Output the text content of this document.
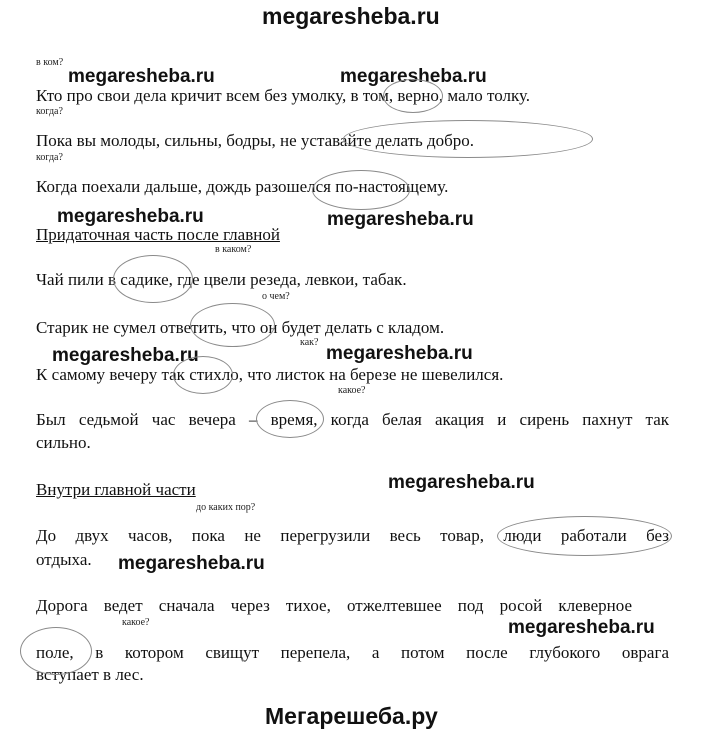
megaresheba.ru
megaresheba.ru	megaresheba.ru
megaresheba.ru	megaresheba.ru
megaresheba.ru	megaresheba.ru
megaresheba.ru
megaresheba.ru
megaresheba.ru
в ком?
Кто про свои дела кричит всем без умолку, в том, верно, мало толку.
когда?
Пока вы молоды, сильны, бодры, не уставайте делать добро.
когда?
Когда поехали дальше, дождь разошелся по-настоящему.
Придаточная часть после главной
в каком?
Чай пили в садике, где цвели резеда, левкои, табак.
о чем?
Старик не сумел ответить, что он будет делать с кладом.
как?
К самому вечеру так стихло, что листок на березе не шевелился.
какое?
Был седьмой час вечера – время, когда белая акация и сирень пахнут так
сильно.
Внутри главной части
до каких пор?
До двух часов, пока не перегрузили весь товар, люди работали без
отдыха.
Дорога ведет сначала через тихое, отжелтевшее под росой клеверное
какое?
поле, в котором свищут перепела, а потом после глубокого оврага
вступает в лес.
Мегарешеба.ру
